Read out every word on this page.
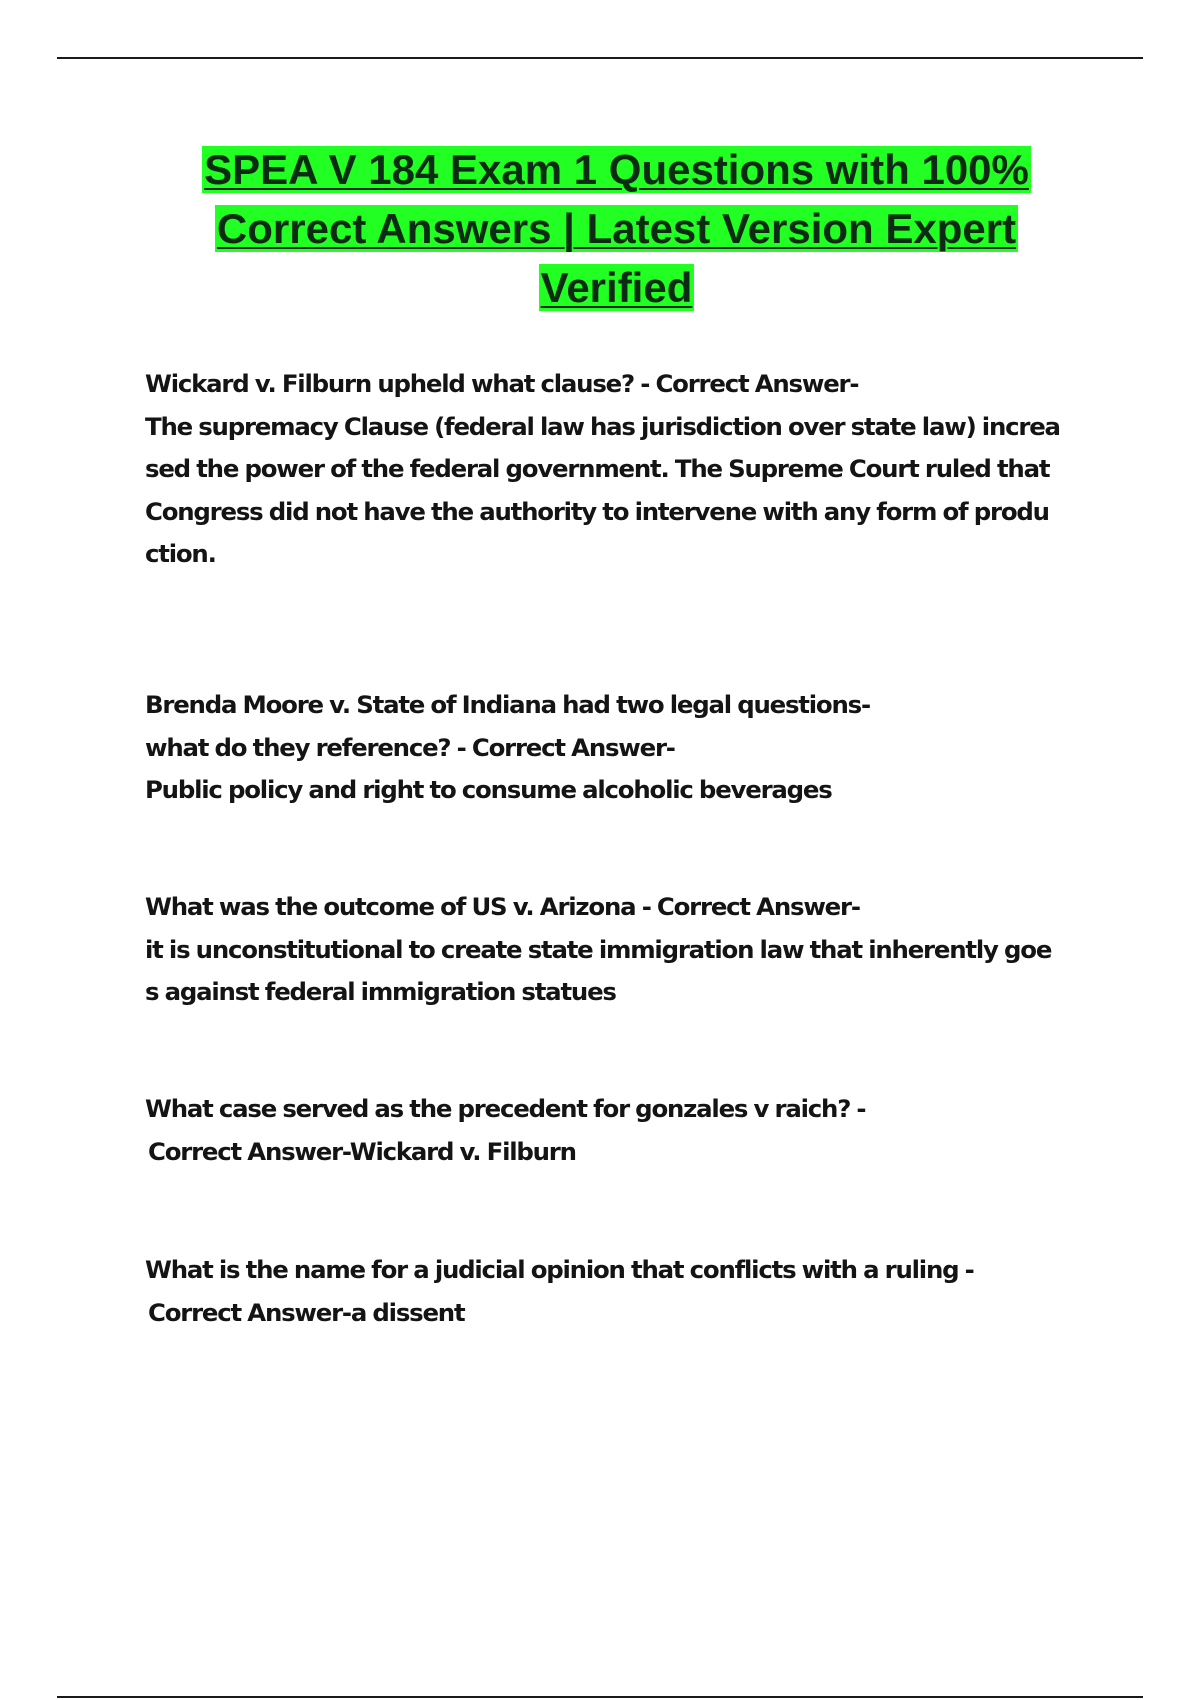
SPEA V 184 Exam 1 Questions with 100%
Correct Answers | Latest Version Expert
Verified
Wickard v. Filburn upheld what clause? - Correct Answer-
The supremacy Clause (federal law has jurisdiction over state law) increa
sed the power of the federal government. The Supreme Court ruled that
Congress did not have the authority to intervene with any form of produ
ction.
Brenda Moore v. State of Indiana had two legal questions-
what do they reference? - Correct Answer-
Public policy and right to consume alcoholic beverages
What was the outcome of US v. Arizona - Correct Answer-
it is unconstitutional to create state immigration law that inherently goe
s against federal immigration statues
What case served as the precedent for gonzales v raich? -
Correct Answer-Wickard v. Filburn
What is the name for a judicial opinion that conflicts with a ruling -
Correct Answer-a dissent
